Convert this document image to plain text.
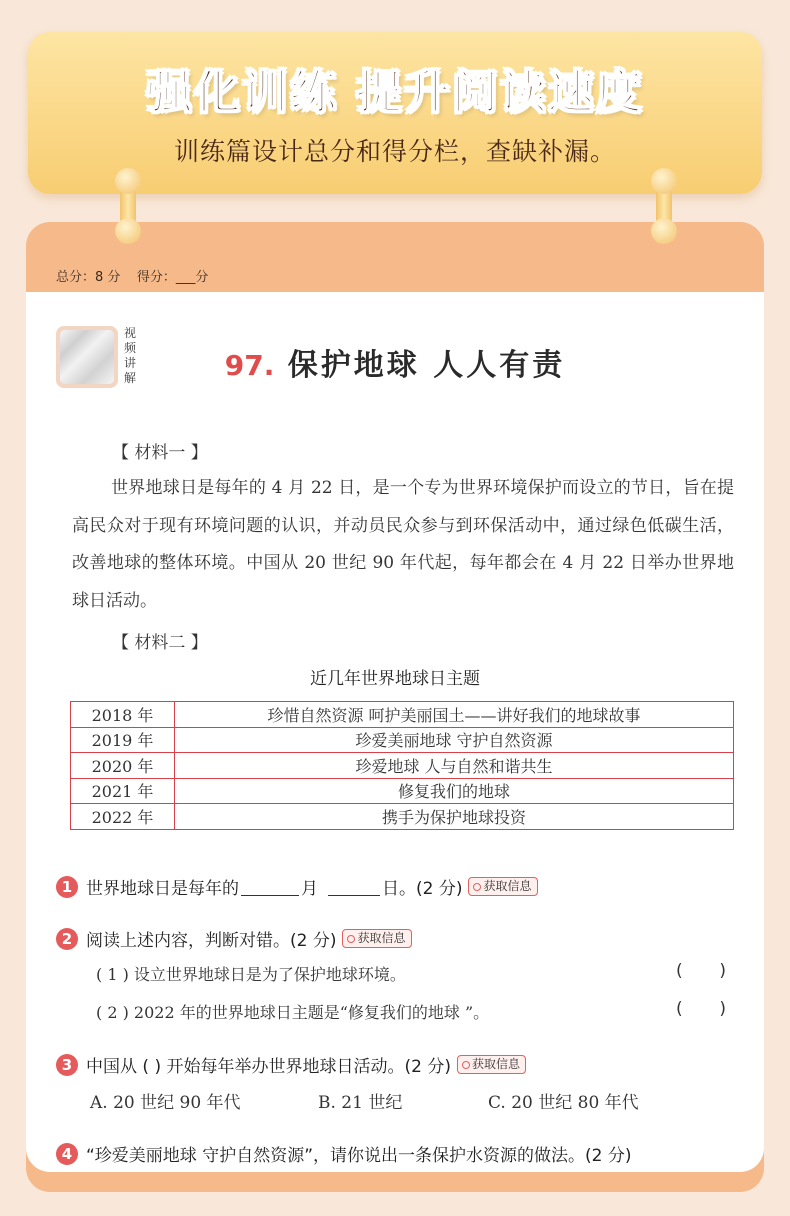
强化训练 提升阅读速度
训练篇设计总分和得分栏，查缺补漏。
总分：8 分    得分：___分
视频讲解	97. 保护地球 人人有责
【 材料一 】
世界地球日是每年的 4 月 22 日，是一个专为世界环境保护而设立的节日，旨在提高民众对于现有环境问题的认识，并动员民众参与到环保活动中，通过绿色低碳生活，改善地球的整体环境。中国从 20 世纪 90 年代起，每年都会在 4 月 22 日举办世界地球日活动。
【 材料二 】
近几年世界地球日主题
2018 年	珍惜自然资源 呵护美丽国土——讲好我们的地球故事
2019 年	珍爱美丽地球 守护自然资源
2020 年	珍爱地球 人与自然和谐共生
2021 年	修复我们的地球
2022 年	携手为保护地球投资
1 世界地球日是每年的	月	日。(2 分)	获取信息
2 阅读上述内容，判断对错。(2 分)	获取信息
( 1 ) 设立世界地球日是为了保护地球环境。	( )
( 2 ) 2022 年的世界地球日主题是“修复我们的地球 ”。	( )
3 中国从 ( ) 开始每年举办世界地球日活动。(2 分)	获取信息
A. 20 世纪 90 年代	B. 21 世纪	C. 20 世纪 80 年代
4 “珍爱美丽地球 守护自然资源”，请你说出一条保护水资源的做法。(2 分)
